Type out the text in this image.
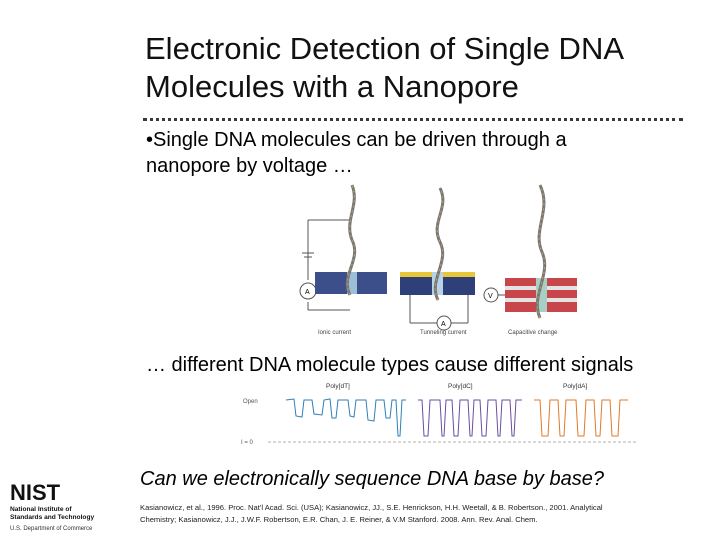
Electronic Detection of Single DNA
Molecules with a Nanopore
•Single DNA molecules can be driven through a
nanopore by voltage …
A
A
V
Ionic current	Tunneling current	Capacitive change
… different DNA molecule types cause different signals
Open
I = 0
Poly[dT]	Poly[dC]	Poly[dA]
Can we electronically sequence DNA base by base?
Kasianowicz, et al., 1996. Proc. Nat'l Acad. Sci. (USA); Kasianowicz, JJ., S.E. Henrickson, H.H. Weetall, & B. Robertson., 2001. Analytical
Chemistry; Kasianowicz, J.J., J.W.F. Robertson, E.R. Chan, J. E. Reiner, & V.M Stanford. 2008. Ann. Rev. Anal. Chem.
NIST
National Institute of
Standards and Technology
U.S. Department of Commerce
